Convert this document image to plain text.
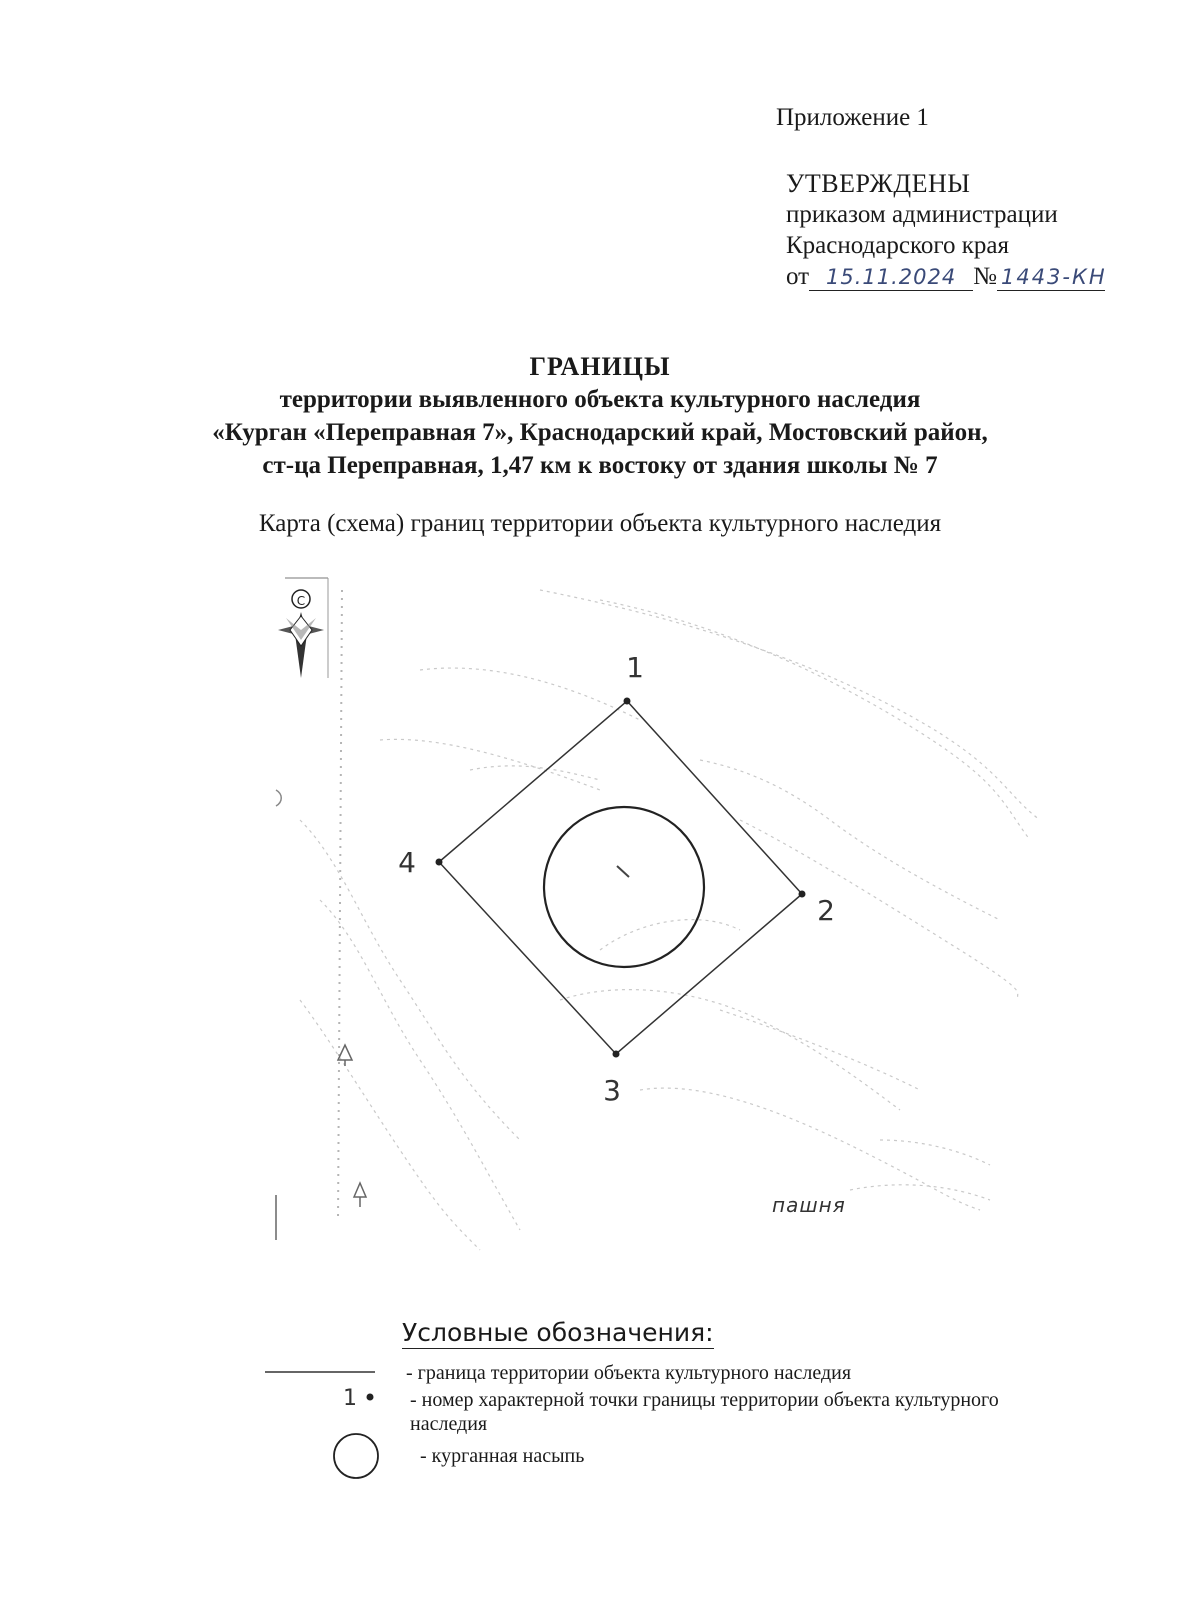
Приложение 1
УТВЕРЖДЕНЫ
приказом администрации
Краснодарского края
от 15.11.2024 № 1443-КН
ГРАНИЦЫ
территории выявленного объекта культурного наследия
«Курган «Переправная 7», Краснодарский край, Мостовский район,
ст-ца Переправная, 1,47 км к востоку от здания школы № 7
Карта (схема) границ территории объекта культурного наследия
С
1
2
3
4
пашня
Условные обозначения:
1
- граница территории объекта культурного наследия
- номер характерной точки границы территории объекта культурного наследия
- курганная насыпь
